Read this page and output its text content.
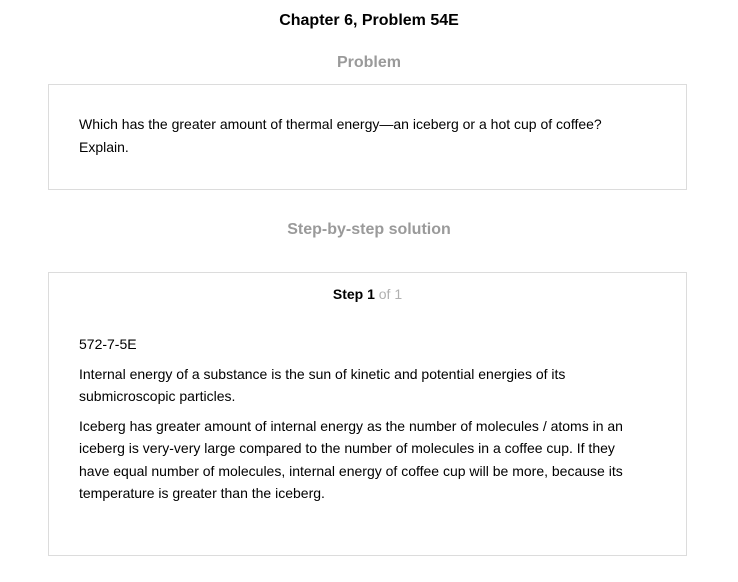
Chapter 6, Problem 54E
Problem
Which has the greater amount of thermal energy—an iceberg or a hot cup of coffee? Explain.
Step-by-step solution
Step 1 of 1

572-7-5E

Internal energy of a substance is the sun of kinetic and potential energies of its submicroscopic particles.

Iceberg has greater amount of internal energy as the number of molecules / atoms in an iceberg is very-very large compared to the number of molecules in a coffee cup. If they have equal number of molecules, internal energy of coffee cup will be more, because its temperature is greater than the iceberg.
